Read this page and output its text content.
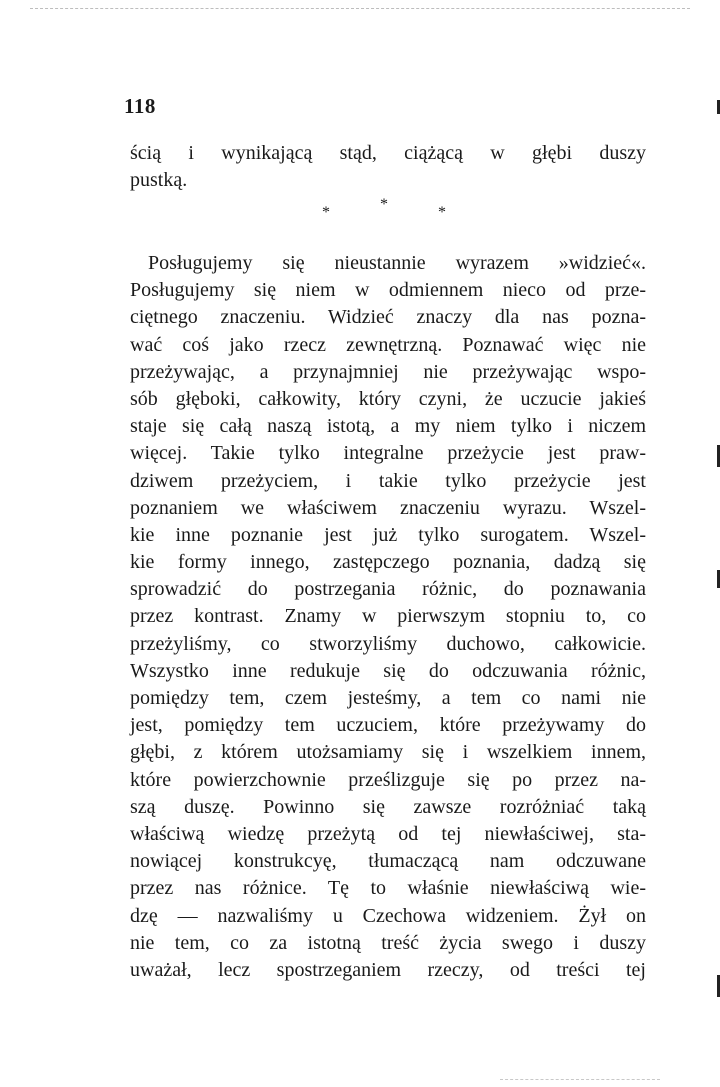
118
ścią i wynikającą stąd, ciążącą w głębi duszy
pustką.
*	*	*
Posługujemy się nieustannie wyrazem »widzieć«.
Posługujemy się niem w odmiennem nieco od prze-
ciętnego znaczeniu. Widzieć znaczy dla nas pozna-
wać coś jako rzecz zewnętrzną. Poznawać więc nie
przeżywając, a przynajmniej nie przeżywając wspo-
sób głęboki, całkowity, który czyni, że uczucie jakieś
staje się całą naszą istotą, a my niem tylko i niczem
więcej. Takie tylko integralne przeżycie jest praw-
dziwem przeżyciem, i takie tylko przeżycie jest
poznaniem we właściwem znaczeniu wyrazu. Wszel-
kie inne poznanie jest już tylko surogatem. Wszel-
kie formy innego, zastępczego poznania, dadzą się
sprowadzić do postrzegania różnic, do poznawania
przez kontrast. Znamy w pierwszym stopniu to, co
przeżyliśmy, co stworzyliśmy duchowo, całkowicie.
Wszystko inne redukuje się do odczuwania różnic,
pomiędzy tem, czem jesteśmy, a tem co nami nie
jest, pomiędzy tem uczuciem, które przeżywamy do
głębi, z którem utożsamiamy się i wszelkiem innem,
które powierzchownie prześlizguje się po przez na-
szą duszę. Powinno się zawsze rozróżniać taką
właściwą wiedzę przeżytą od tej niewłaściwej, sta-
nowiącej konstrukcyę, tłumaczącą nam odczuwane
przez nas różnice. Tę to właśnie niewłaściwą wie-
dzę — nazwaliśmy u Czechowa widzeniem. Żył on
nie tem, co za istotną treść życia swego i duszy
uważał, lecz spostrzeganiem rzeczy, od treści tej
